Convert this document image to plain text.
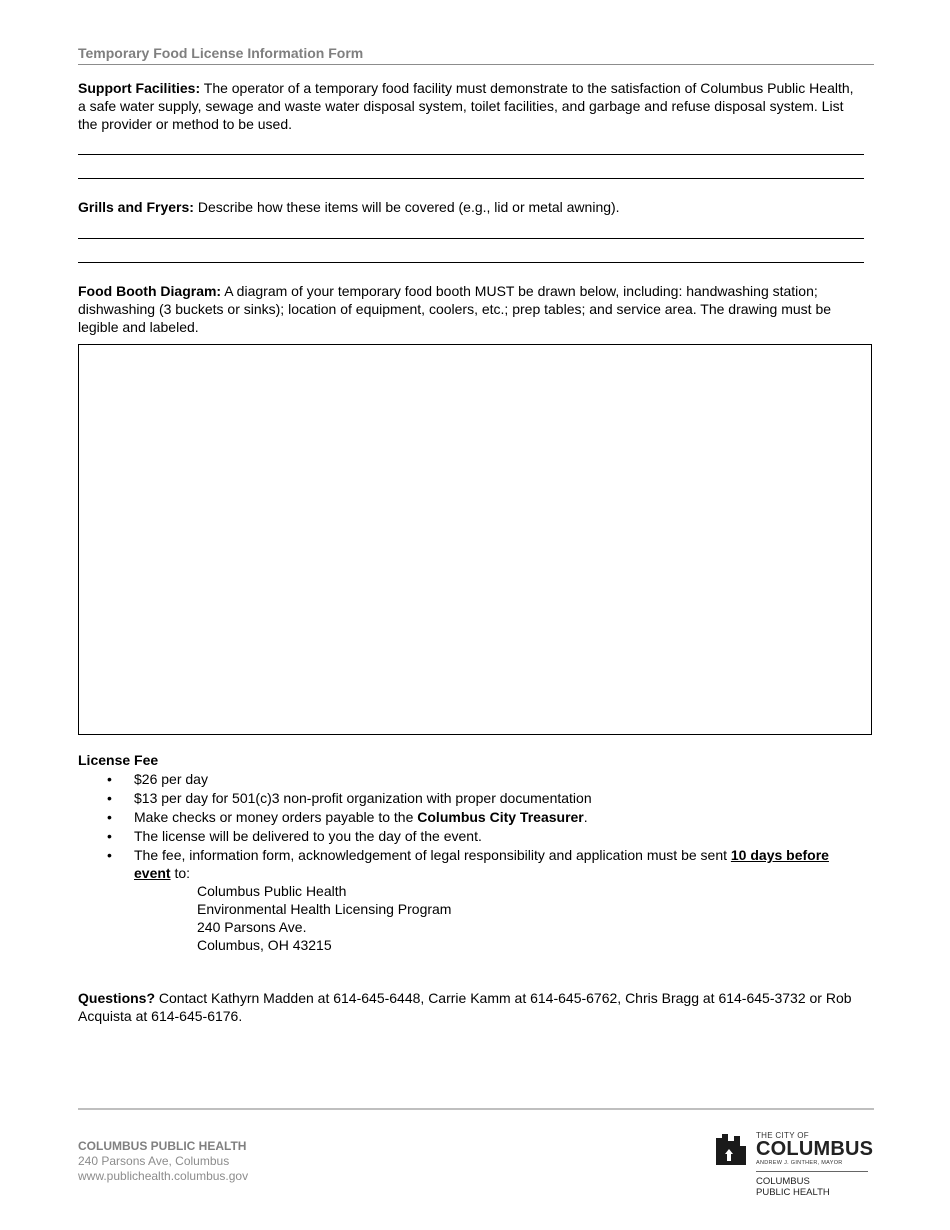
Temporary Food License Information Form
Support Facilities: The operator of a temporary food facility must demonstrate to the satisfaction of Columbus Public Health, a safe water supply, sewage and waste water disposal system, toilet facilities, and garbage and refuse disposal system. List the provider or method to be used.
Grills and Fryers: Describe how these items will be covered (e.g., lid or metal awning).
Food Booth Diagram: A diagram of your temporary food booth MUST be drawn below, including: handwashing station; dishwashing (3 buckets or sinks); location of equipment, coolers, etc.; prep tables; and service area. The drawing must be legible and labeled.
License Fee
• $26 per day
• $13 per day for 501(c)3 non-profit organization with proper documentation
• Make checks or money orders payable to the Columbus City Treasurer.
• The license will be delivered to you the day of the event.
• The fee, information form, acknowledgement of legal responsibility and application must be sent 10 days before event to:
Columbus Public Health
Environmental Health Licensing Program
240 Parsons Ave.
Columbus, OH 43215
Questions? Contact Kathyrn Madden at 614-645-6448, Carrie Kamm at 614-645-6762, Chris Bragg at 614-645-3732 or Rob Acquista at 614-645-6176.
COLUMBUS PUBLIC HEALTH
240 Parsons Ave, Columbus
www.publichealth.columbus.gov
THE CITY OF
COLUMBUS
ANDREW J. GINTHER, MAYOR
COLUMBUS
PUBLIC HEALTH
